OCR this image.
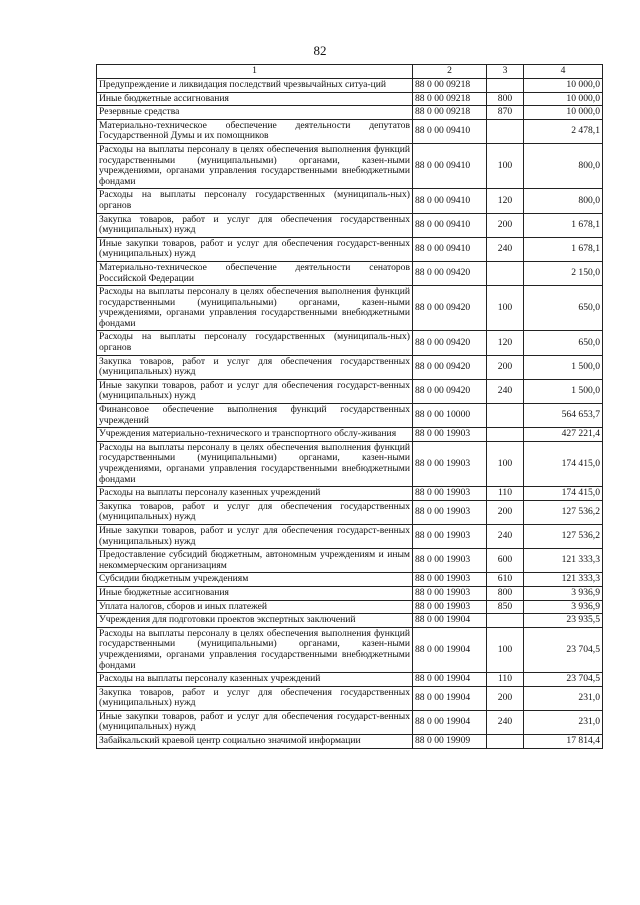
82
1	2	3	4
Предупреждение и ликвидация последствий чрезвычайных ситуа-ций	88 0 00 09218		10 000,0
Иные бюджетные ассигнования	88 0 00 09218	800	10 000,0
Резервные средства	88 0 00 09218	870	10 000,0
Материально-техническое обеспечение деятельности депутатов Государственной Думы и их помощников	88 0 00 09410		2 478,1
Расходы на выплаты персоналу в целях обеспечения выполнения функций государственными (муниципальными) органами, казен-ными учреждениями, органами управления государственными внебюджетными фондами	88 0 00 09410	100	800,0
Расходы на выплаты персоналу государственных (муниципаль-ных) органов	88 0 00 09410	120	800,0
Закупка товаров, работ и услуг для обеспечения государственных (муниципальных) нужд	88 0 00 09410	200	1 678,1
Иные закупки товаров, работ и услуг для обеспечения государст-венных (муниципальных) нужд	88 0 00 09410	240	1 678,1
Материально-техническое обеспечение деятельности сенаторов Российской Федерации	88 0 00 09420		2 150,0
Расходы на выплаты персоналу в целях обеспечения выполнения функций государственными (муниципальными) органами, казен-ными учреждениями, органами управления государственными внебюджетными фондами	88 0 00 09420	100	650,0
Расходы на выплаты персоналу государственных (муниципаль-ных) органов	88 0 00 09420	120	650,0
Закупка товаров, работ и услуг для обеспечения государственных (муниципальных) нужд	88 0 00 09420	200	1 500,0
Иные закупки товаров, работ и услуг для обеспечения государст-венных (муниципальных) нужд	88 0 00 09420	240	1 500,0
Финансовое обеспечение выполнения функций государственных учреждений	88 0 00 10000		564 653,7
Учреждения материально-технического и транспортного обслу-живания	88 0 00 19903		427 221,4
Расходы на выплаты персоналу в целях обеспечения выполнения функций государственными (муниципальными) органами, казен-ными учреждениями, органами управления государственными внебюджетными фондами	88 0 00 19903	100	174 415,0
Расходы на выплаты персоналу казенных учреждений	88 0 00 19903	110	174 415,0
Закупка товаров, работ и услуг для обеспечения государственных (муниципальных) нужд	88 0 00 19903	200	127 536,2
Иные закупки товаров, работ и услуг для обеспечения государст-венных (муниципальных) нужд	88 0 00 19903	240	127 536,2
Предоставление субсидий бюджетным, автономным учреждениям и иным некоммерческим организациям	88 0 00 19903	600	121 333,3
Субсидии бюджетным учреждениям	88 0 00 19903	610	121 333,3
Иные бюджетные ассигнования	88 0 00 19903	800	3 936,9
Уплата налогов, сборов и иных платежей	88 0 00 19903	850	3 936,9
Учреждения для подготовки проектов экспертных заключений	88 0 00 19904		23 935,5
Расходы на выплаты персоналу в целях обеспечения выполнения функций государственными (муниципальными) органами, казен-ными учреждениями, органами управления государственными внебюджетными фондами	88 0 00 19904	100	23 704,5
Расходы на выплаты персоналу казенных учреждений	88 0 00 19904	110	23 704,5
Закупка товаров, работ и услуг для обеспечения государственных (муниципальных) нужд	88 0 00 19904	200	231,0
Иные закупки товаров, работ и услуг для обеспечения государст-венных (муниципальных) нужд	88 0 00 19904	240	231,0
Забайкальский краевой центр социально значимой информации	88 0 00 19909		17 814,4
